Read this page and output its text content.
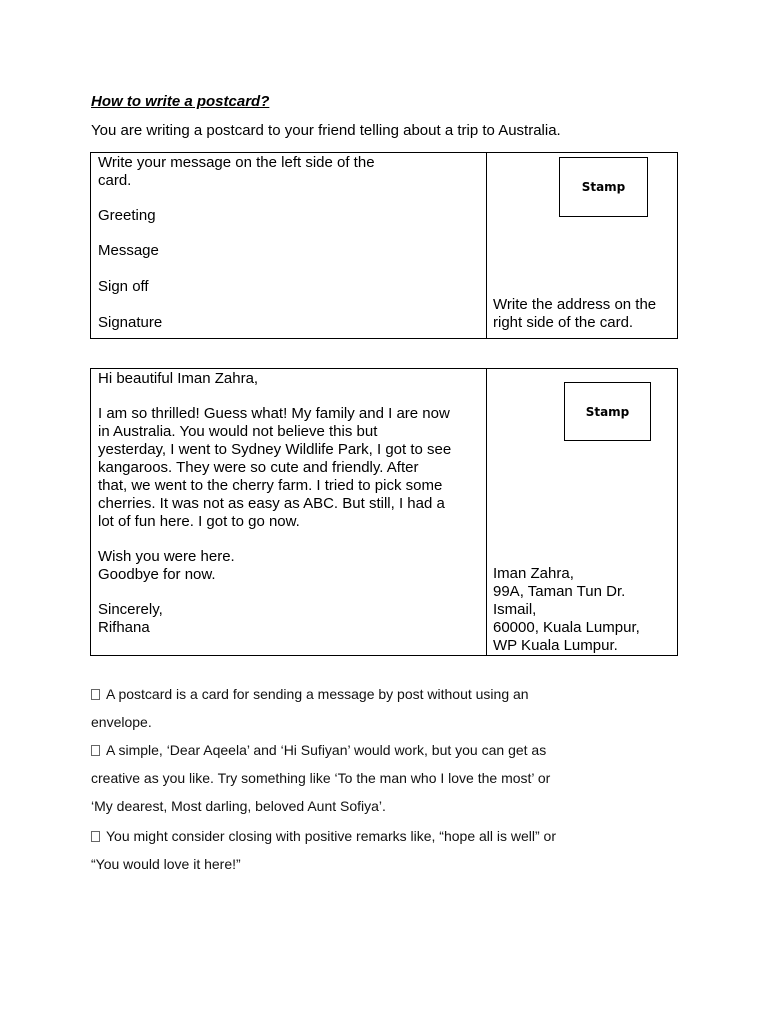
How to write a postcard?
You are writing a postcard to your friend telling about a trip to Australia.
Write your message on the left side of the
card.
Greeting
Message
Sign off
Signature
Stamp
Write the address on the
right side of the card.
Hi beautiful Iman Zahra,
I am so thrilled! Guess what! My family and I are now
in Australia. You would not believe this but
yesterday, I went to Sydney Wildlife Park, I got to see
kangaroos. They were so cute and friendly. After
that, we went to the cherry farm. I tried to pick some
cherries. It was not as easy as ABC. But still, I had a
lot of fun here. I got to go now.
Wish you were here.
Goodbye for now.
Sincerely,
Rifhana
Stamp
Iman Zahra,
99A, Taman Tun Dr.
Ismail,
60000, Kuala Lumpur,
WP Kuala Lumpur.
A postcard is a card for sending a message by post without using an
envelope.
A simple, ‘Dear Aqeela’ and ‘Hi Sufiyan’ would work, but you can get as
creative as you like. Try something like ‘To the man who I love the most’ or
‘My dearest, Most darling, beloved Aunt Sofiya’.
You might consider closing with positive remarks like, “hope all is well” or
“You would love it here!”
